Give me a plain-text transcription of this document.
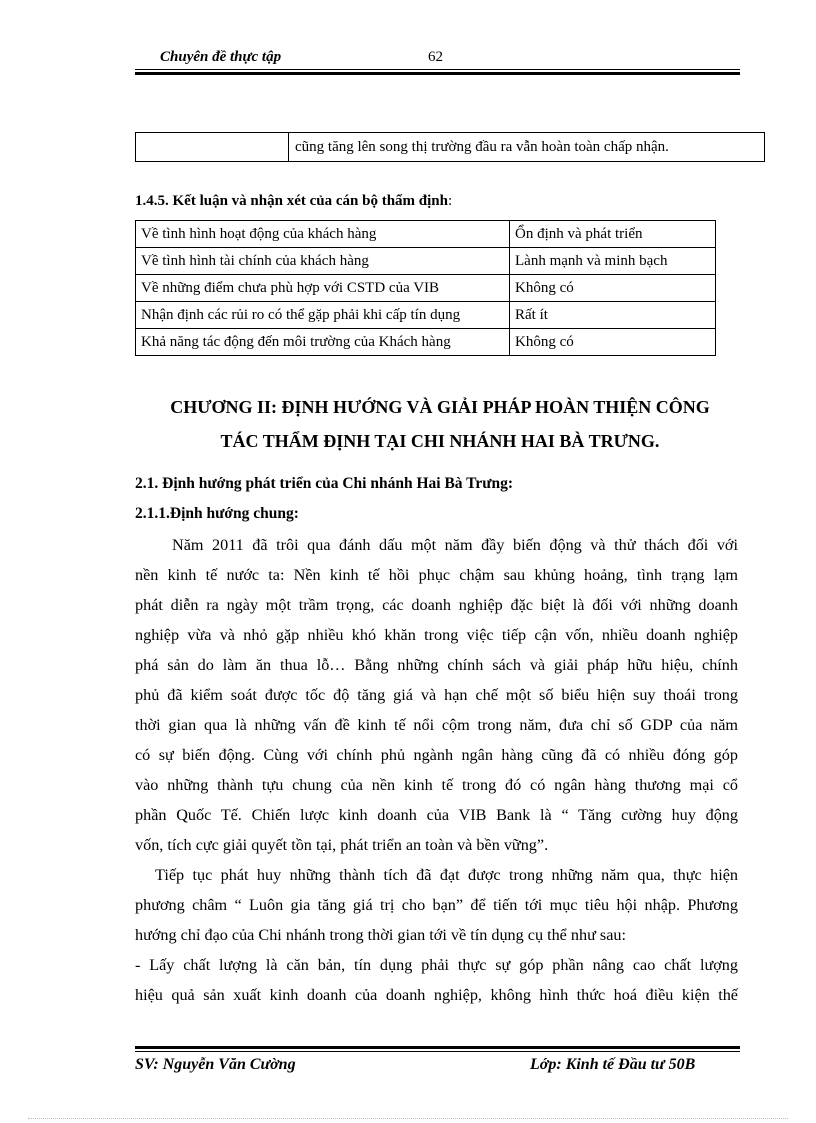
Chuyên đề thực tập	62
	cũng tăng lên song thị trường đầu ra vẫn hoàn toàn chấp nhận.
1.4.5. Kết luận và nhận xét của cán bộ thẩm định:
Về tình hình hoạt động của khách hàng	Ổn định và phát triển
Về tình hình tài chính của khách hàng	Lành mạnh và minh bạch
Về những điểm chưa phù hợp với CSTD của VIB	Không có
Nhận định các rủi ro có thể gặp phải khi cấp tín dụng	Rất ít
Khả năng tác động đến môi trường của Khách hàng	Không có
CHƯƠNG II: ĐỊNH HƯỚNG VÀ GIẢI PHÁP HOÀN THIỆN CÔNG
TÁC THẨM ĐỊNH TẠI CHI NHÁNH HAI BÀ TRƯNG.
2.1. Định hướng phát triển của Chi nhánh Hai Bà Trưng:
2.1.1.Định hướng chung:
Năm 2011 đã trôi qua đánh dấu một năm đầy biến động và thử thách đối với
nền kinh tế nước ta: Nền kinh tế hồi phục chậm sau khủng hoảng, tình trạng lạm
phát diễn ra ngày một trầm trọng, các doanh nghiệp đặc biệt là đối với những doanh
nghiệp vừa và nhỏ gặp nhiều khó khăn trong việc tiếp cận vốn, nhiều doanh nghiệp
phá sản do làm ăn thua lỗ… Bằng những chính sách và giải pháp hữu hiệu, chính
phủ đã kiểm soát được tốc độ tăng giá và hạn chế một số biểu hiện suy thoái trong
thời gian qua là những vấn đề kinh tế nổi cộm trong năm, đưa chỉ số GDP của năm
có sự biến động. Cùng với chính phủ ngành ngân hàng cũng đã có nhiều đóng góp
vào những thành tựu chung của nền kinh tế trong đó có ngân hàng thương mại cổ
phần Quốc Tế. Chiến lược kinh doanh của VIB Bank là “ Tăng cường huy động
vốn, tích cực giải quyết tồn tại, phát triển an toàn và bền vững”.
Tiếp tục phát huy những thành tích đã đạt được trong những năm qua, thực hiện
phương châm “ Luôn gia tăng giá trị cho bạn” để tiến tới mục tiêu hội nhập. Phương
hướng chỉ đạo của Chi nhánh trong thời gian tới về tín dụng cụ thể như sau:
- Lấy chất lượng là căn bản, tín dụng phải thực sự góp phần nâng cao chất lượng
hiệu quả sản xuất kinh doanh của doanh nghiệp, không hình thức hoá điều kiện thế
SV: Nguyễn Văn Cường	Lớp: Kinh tế Đầu tư 50B
